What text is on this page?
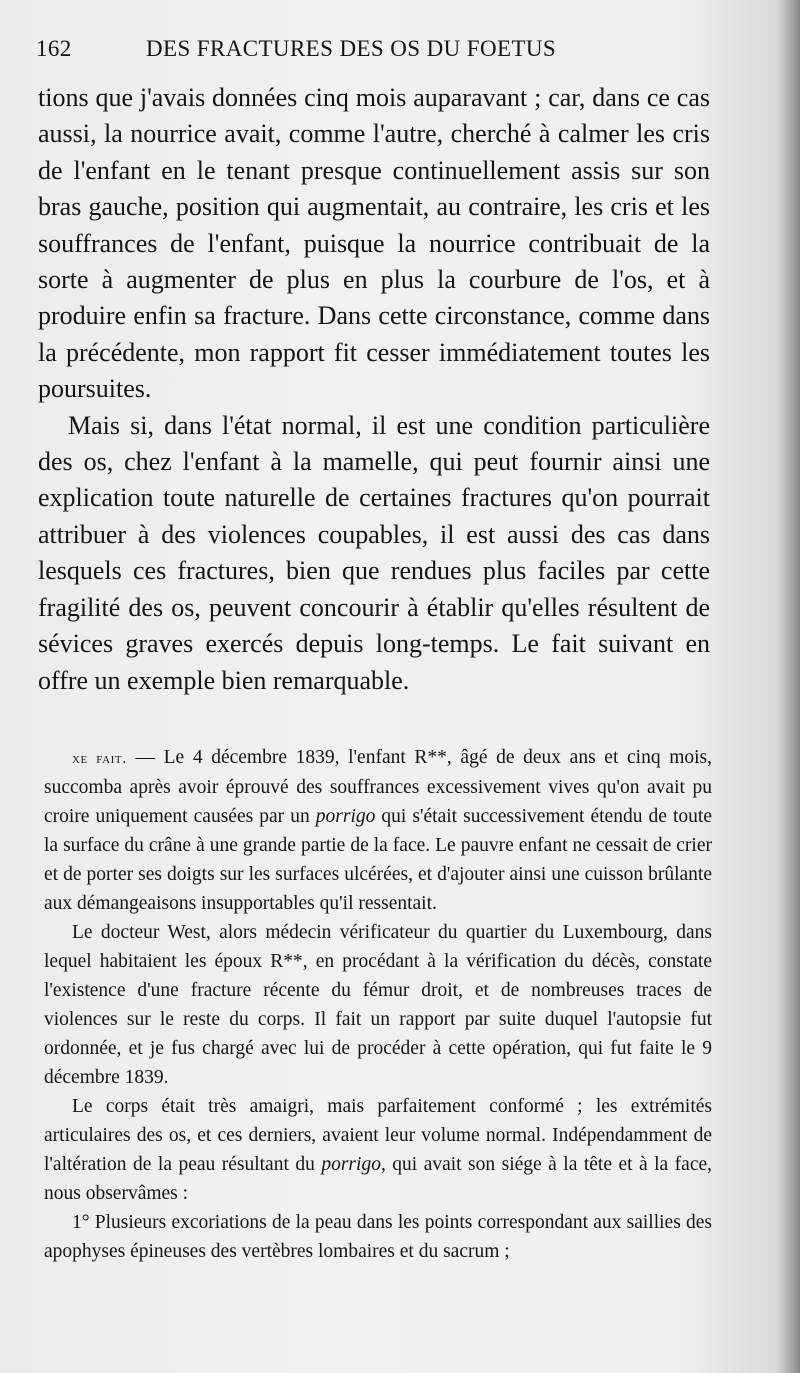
162	DES FRACTURES DES OS DU FOETUS

tions que j'avais données cinq mois auparavant ; car, dans ce cas aussi, la nourrice avait, comme l'autre, cherché à calmer les cris de l'enfant en le tenant presque continuellement assis sur son bras gauche, position qui augmentait, au contraire, les cris et les souffrances de l'enfant, puisque la nourrice contribuait de la sorte à augmenter de plus en plus la courbure de l'os, et à produire enfin sa fracture. Dans cette circonstance, comme dans la précédente, mon rapport fit cesser immédiatement toutes les poursuites.

Mais si, dans l'état normal, il est une condition particulière des os, chez l'enfant à la mamelle, qui peut fournir ainsi une explication toute naturelle de certaines fractures qu'on pourrait attribuer à des violences coupables, il est aussi des cas dans lesquels ces fractures, bien que rendues plus faciles par cette fragilité des os, peuvent concourir à établir qu'elles résultent de sévices graves exercés depuis long-temps. Le fait suivant en offre un exemple bien remarquable.

xe fait. — Le 4 décembre 1839, l'enfant R**, âgé de deux ans et cinq mois, succomba après avoir éprouvé des souffrances excessivement vives qu'on avait pu croire uniquement causées par un porrigo qui s'était successivement étendu de toute la surface du crâne à une grande partie de la face. Le pauvre enfant ne cessait de crier et de porter ses doigts sur les surfaces ulcérées, et d'ajouter ainsi une cuisson brûlante aux démangeaisons insupportables qu'il ressentait.

Le docteur West, alors médecin vérificateur du quartier du Luxembourg, dans lequel habitaient les époux R**, en procédant à la vérification du décès, constate l'existence d'une fracture récente du fémur droit, et de nombreuses traces de violences sur le reste du corps. Il fait un rapport par suite duquel l'autopsie fut ordonnée, et je fus chargé avec lui de procéder à cette opération, qui fut faite le 9 décembre 1839.

Le corps était très amaigri, mais parfaitement conformé ; les extrémités articulaires des os, et ces derniers, avaient leur volume normal. Indépendamment de l'altération de la peau résultant du porrigo, qui avait son siége à la tête et à la face, nous observâmes :

1° Plusieurs excoriations de la peau dans les points correspondant aux saillies des apophyses épineuses des vertèbres lombaires et du sacrum ;
